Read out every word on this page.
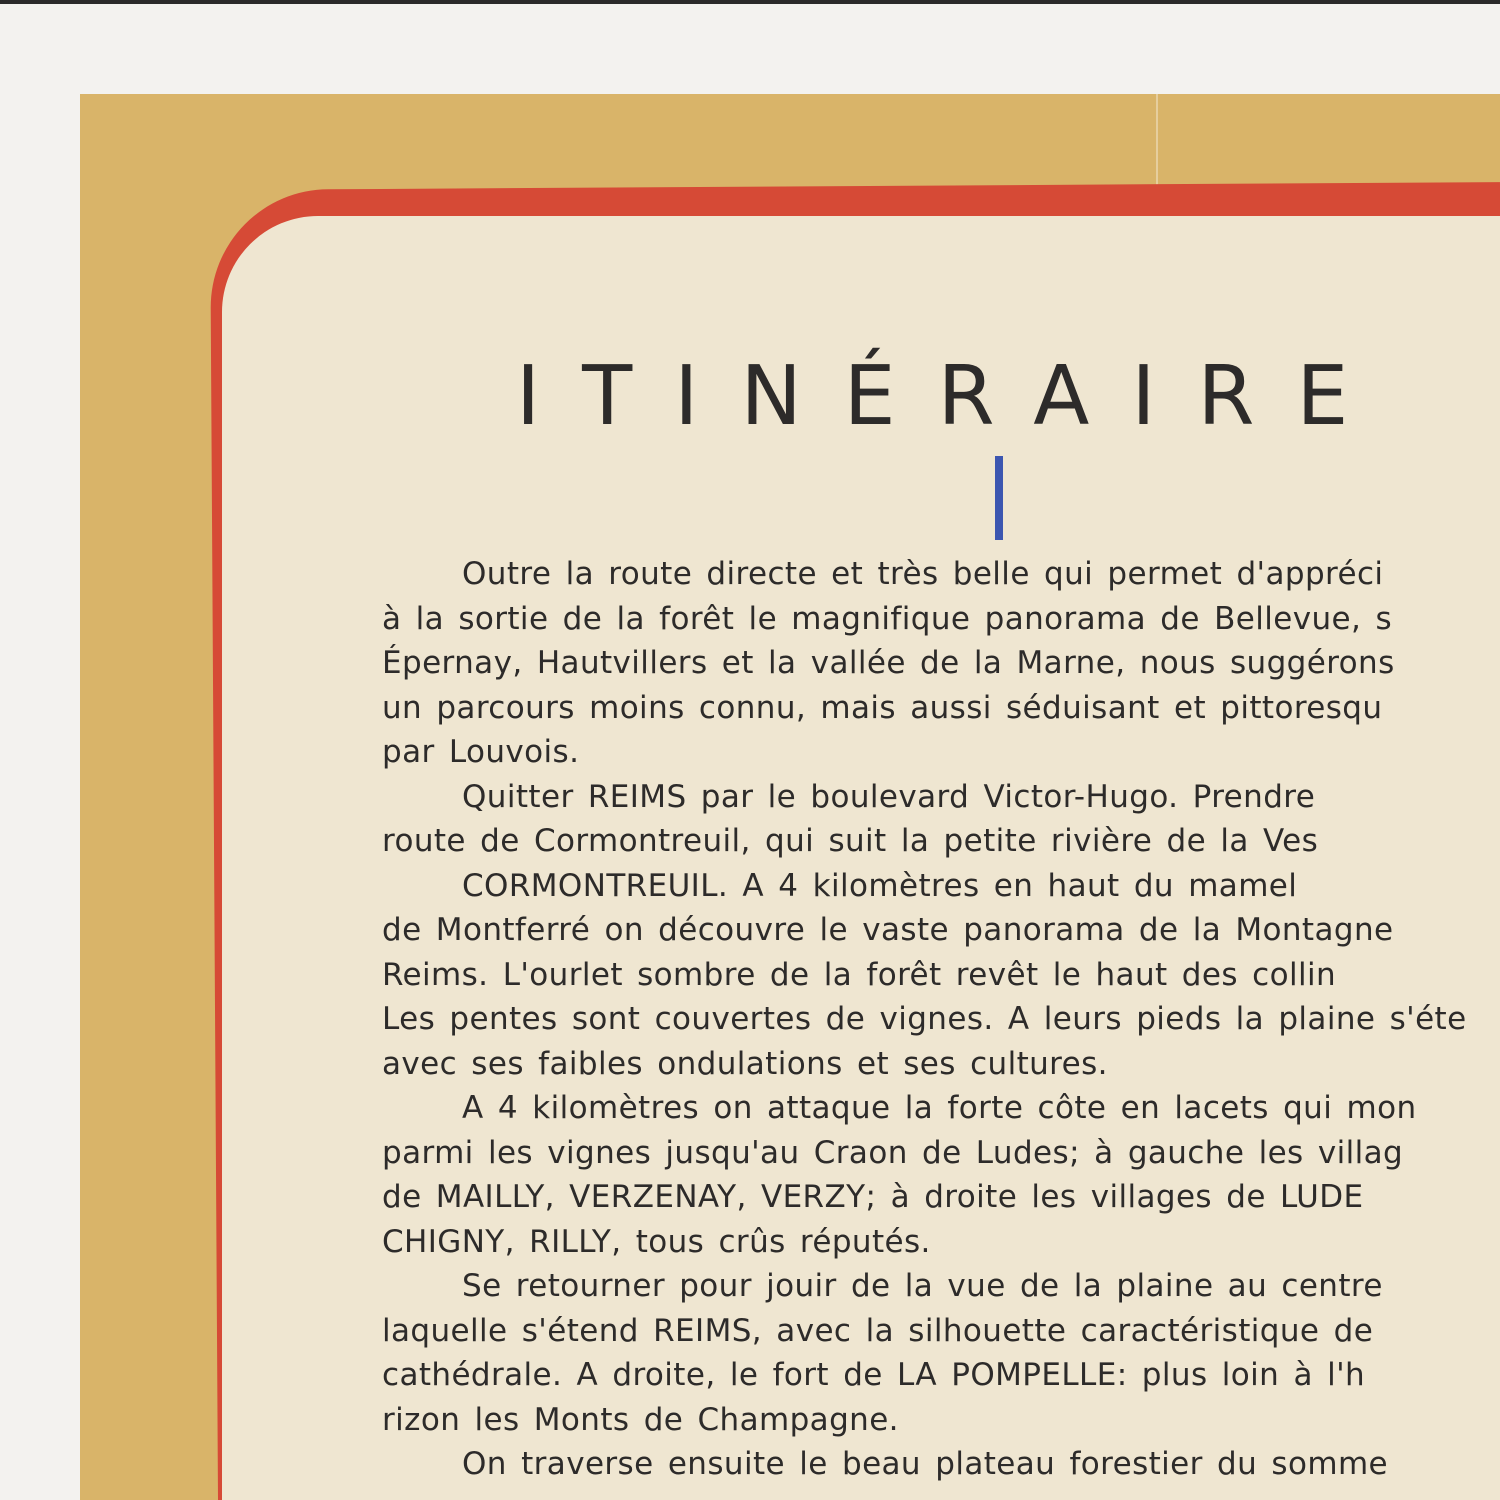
ITINÉRAIRE

Outre la route directe et très belle qui permet d'appréci
à la sortie de la forêt le magnifique panorama de Bellevue, s
Épernay, Hautvillers et la vallée de la Marne, nous suggérons
un parcours moins connu, mais aussi séduisant et pittoresqu
par Louvois.

Quitter REIMS par le boulevard Victor-Hugo. Prendre
route de Cormontreuil, qui suit la petite rivière de la Ves

CORMONTREUIL. A 4 kilomètres en haut du mamel
de Montferré on découvre le vaste panorama de la Montagne
Reims. L'ourlet sombre de la forêt revêt le haut des collin
Les pentes sont couvertes de vignes. A leurs pieds la plaine s'éte
avec ses faibles ondulations et ses cultures.

A 4 kilomètres on attaque la forte côte en lacets qui mon
parmi les vignes jusqu'au Craon de Ludes; à gauche les villag
de MAILLY, VERZENAY, VERZY; à droite les villages de LUDE
CHIGNY, RILLY, tous crûs réputés.

Se retourner pour jouir de la vue de la plaine au centre
laquelle s'étend REIMS, avec la silhouette caractéristique de
cathédrale. A droite, le fort de LA POMPELLE: plus loin à l'h
rizon les Monts de Champagne.

On traverse ensuite le beau plateau forestier du somme
